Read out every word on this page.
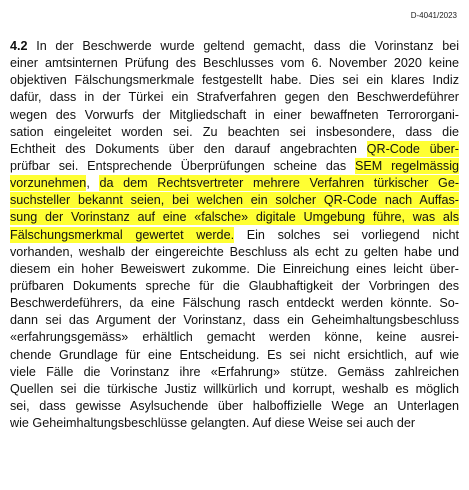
D-4041/2023
4.2 In der Beschwerde wurde geltend gemacht, dass die Vorinstanz bei
einer amtsinternen Prüfung des Beschlusses vom 6. November 2020 keine
objektiven Fälschungsmerkmale festgestellt habe. Dies sei ein klares Indiz
dafür, dass in der Türkei ein Strafverfahren gegen den Beschwerdeführer
wegen des Vorwurfs der Mitgliedschaft in einer bewaffneten Terrororgani-
sation eingeleitet worden sei. Zu beachten sei insbesondere, dass die
Echtheit des Dokuments über den darauf angebrachten QR-Code über-
prüfbar sei. Entsprechende Überprüfungen scheine das SEM regelmässig
vorzunehmen, da dem Rechtsvertreter mehrere Verfahren türkischer Ge-
suchsteller bekannt seien, bei welchen ein solcher QR-Code nach Auffas-
sung der Vorinstanz auf eine «falsche» digitale Umgebung führe, was als
Fälschungsmerkmal gewertet werde. Ein solches sei vorliegend nicht
vorhanden, weshalb der eingereichte Beschluss als echt zu gelten habe und
diesem ein hoher Beweiswert zukomme. Die Einreichung eines leicht über-
prüfbaren Dokuments spreche für die Glaubhaftigkeit der Vorbringen des
Beschwerdeführers, da eine Fälschung rasch entdeckt werden könnte. So-
dann sei das Argument der Vorinstanz, dass ein Geheimhaltungsbeschluss
«erfahrungsgemäss» erhältlich gemacht werden könne, keine ausrei-
chende Grundlage für eine Entscheidung. Es sei nicht ersichtlich, auf wie
viele Fälle die Vorinstanz ihre «Erfahrung» stütze. Gemäss zahlreichen
Quellen sei die türkische Justiz willkürlich und korrupt, weshalb es möglich
sei, dass gewisse Asylsuchende über halboffizielle Wege an Unterlagen
wie Geheimhaltungsbeschlüsse gelangten. Auf diese Weise sei auch der
